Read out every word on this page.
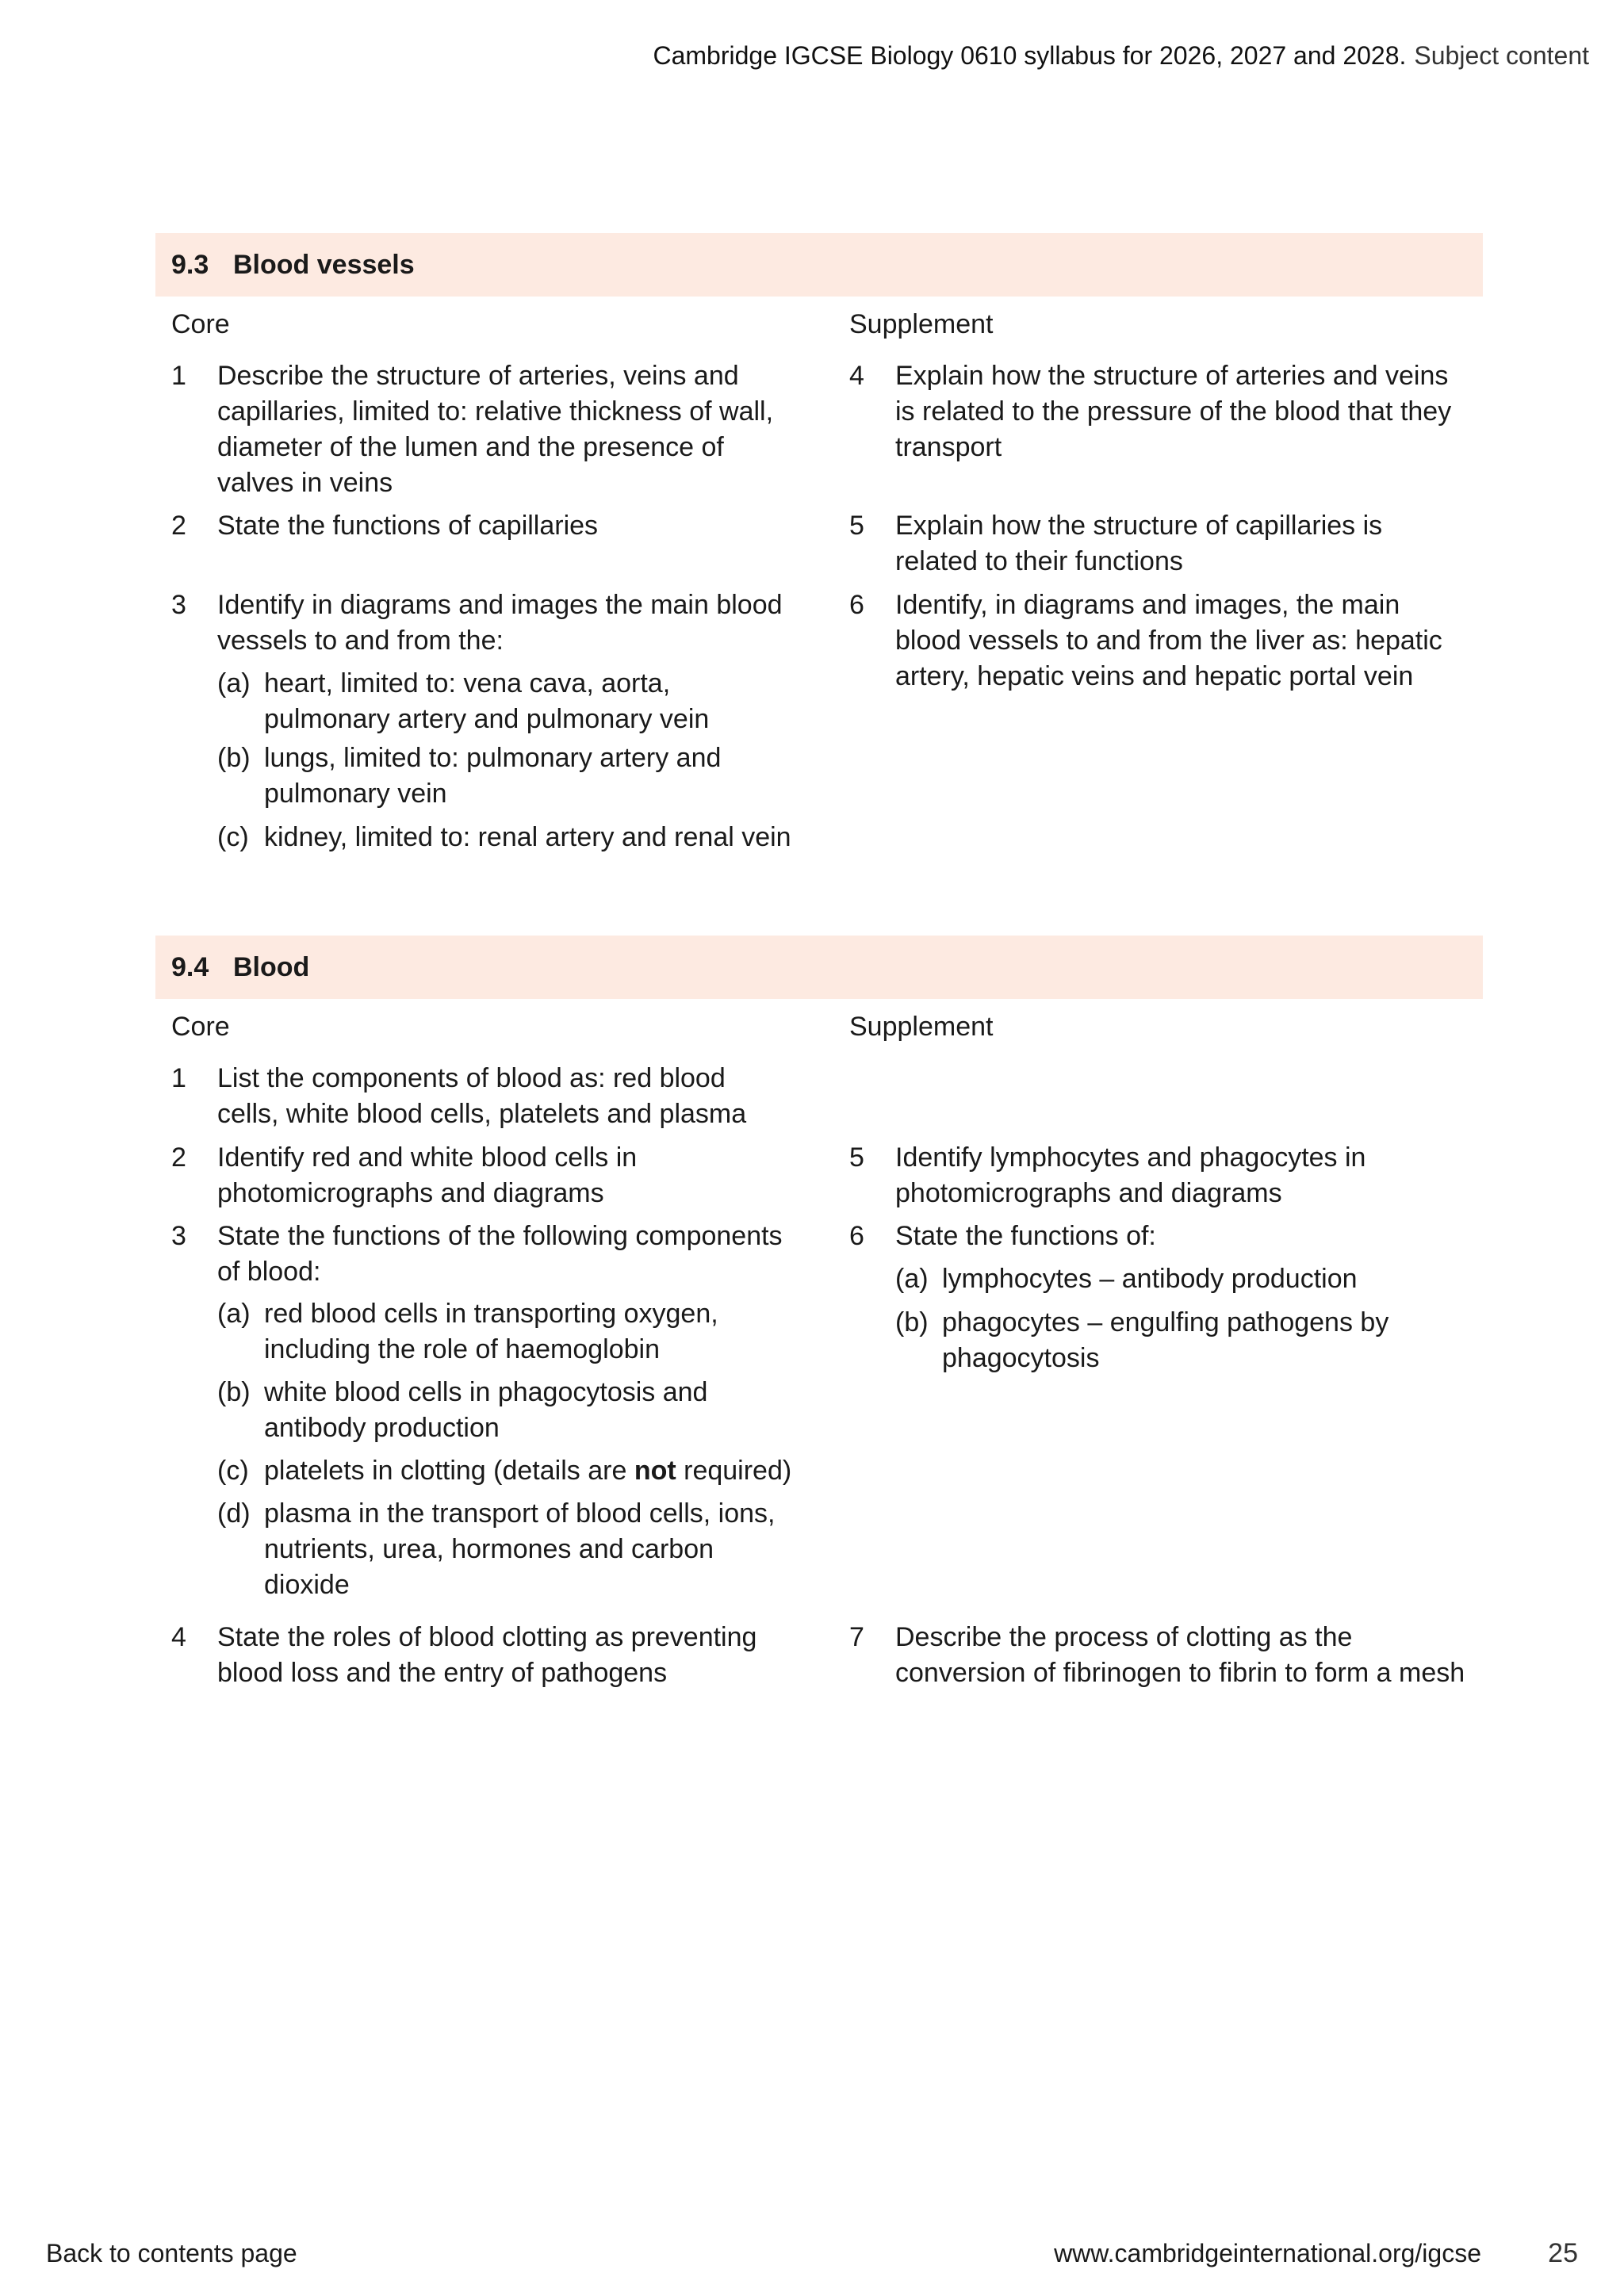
Cambridge IGCSE Biology 0610 syllabus for 2026, 2027 and 2028. Subject content
9.3 Blood vessels
Core	Supplement
1	Describe the structure of arteries, veins and
capillaries, limited to: relative thickness of wall,
diameter of the lumen and the presence of
valves in veins
2	State the functions of capillaries
3	Identify in diagrams and images the main blood
vessels to and from the:
(a) heart, limited to: vena cava, aorta,
pulmonary artery and pulmonary vein
(b) lungs, limited to: pulmonary artery and
pulmonary vein
(c) kidney, limited to: renal artery and renal vein
4	Explain how the structure of arteries and veins
is related to the pressure of the blood that they
transport
5	Explain how the structure of capillaries is
related to their functions
6	Identify, in diagrams and images, the main
blood vessels to and from the liver as: hepatic
artery, hepatic veins and hepatic portal vein
9.4 Blood
Core	Supplement
1	List the components of blood as: red blood
cells, white blood cells, platelets and plasma
2	Identify red and white blood cells in
photomicrographs and diagrams
3	State the functions of the following components
of blood:
(a) red blood cells in transporting oxygen,
including the role of haemoglobin
(b) white blood cells in phagocytosis and
antibody production
(c) platelets in clotting (details are not required)
(d) plasma in the transport of blood cells, ions,
nutrients, urea, hormones and carbon
dioxide
4	State the roles of blood clotting as preventing
blood loss and the entry of pathogens
5	Identify lymphocytes and phagocytes in
photomicrographs and diagrams
6	State the functions of:
(a) lymphocytes – antibody production
(b) phagocytes – engulfing pathogens by
phagocytosis
7	Describe the process of clotting as the
conversion of fibrinogen to fibrin to form a mesh
Back to contents page	www.cambridgeinternational.org/igcse 25
